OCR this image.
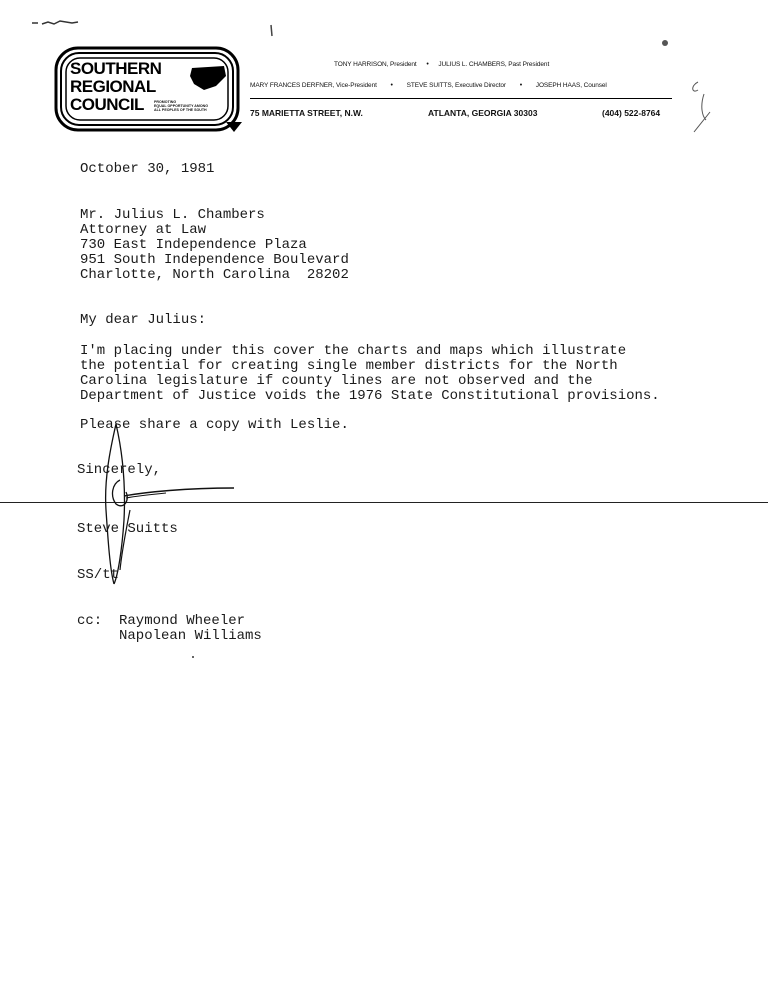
SOUTHERN
REGIONAL
COUNCIL	PROMOTING
EQUAL OPPORTUNITY AMONG
ALL PEOPLES OF THE SOUTH
TONY HARRISON, President • JULIUS L. CHAMBERS, Past President
MARY FRANCES DERFNER, Vice-President • STEVE SUITTS, Executive Director • JOSEPH HAAS, Counsel
75 MARIETTA STREET, N.W.	ATLANTA, GEORGIA 30303	(404) 522-8764
October 30, 1981
Mr. Julius L. Chambers
Attorney at Law
730 East Independence Plaza
951 South Independence Boulevard
Charlotte, North Carolina  28202
My dear Julius:
I'm placing under this cover the charts and maps which illustrate
the potential for creating single member districts for the North
Carolina legislature if county lines are not observed and the
Department of Justice voids the 1976 State Constitutional provisions.
Please share a copy with Leslie.
Sincerely,
Steve Suitts
SS/tt
cc: Raymond Wheeler
Napolean Williams
